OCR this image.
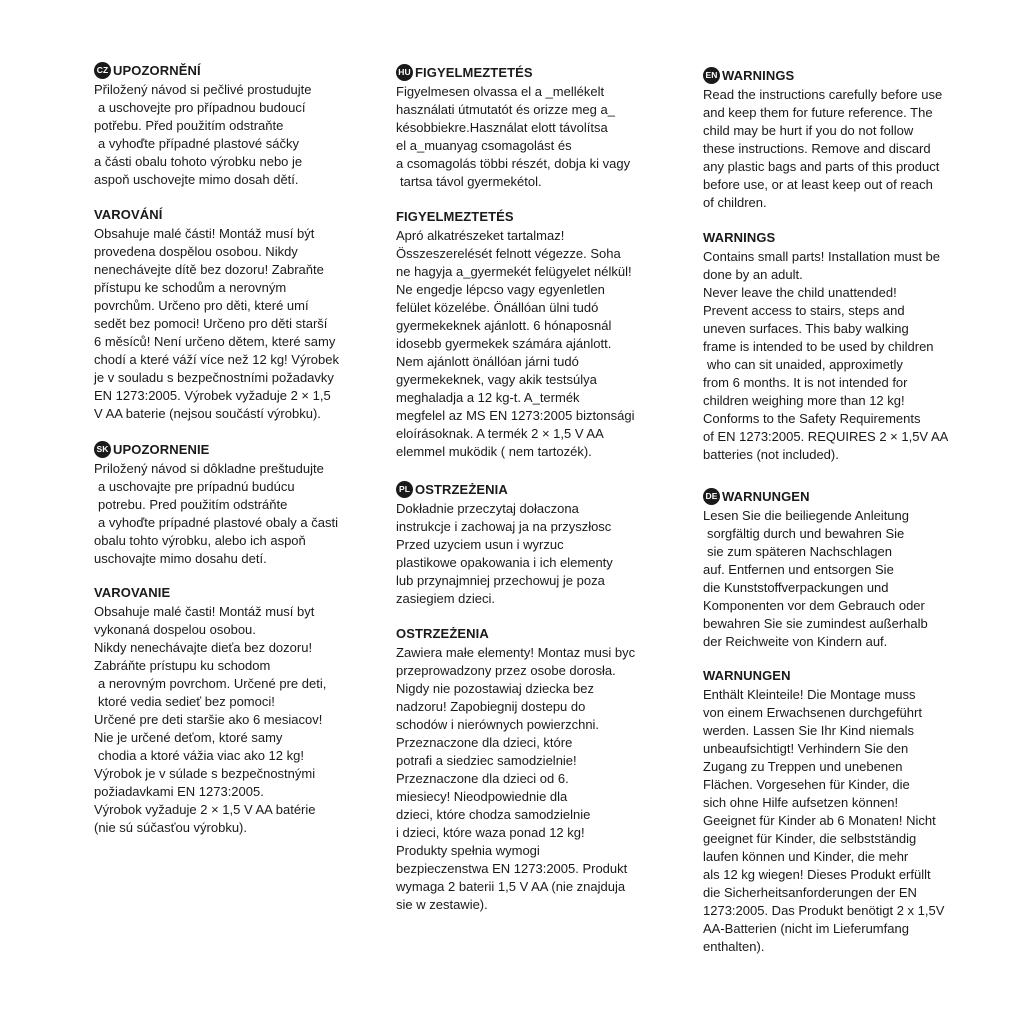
CZ UPOZORNĚNÍ
Přiložený návod si pečlivé prostudujte
a uschovejte pro případnou budoucí
potřebu. Před použitím odstraňte
a vyhoďte případné plastové sáčky
a části obalu tohoto výrobku nebo je
aspoň uschovejte mimo dosah dětí.
VAROVÁNÍ
Obsahuje malé části! Montáž musí být
provedena dospělou osobou. Nikdy
nenechávejte dítě bez dozoru! Zabraňte
přístupu ke schodům a nerovným
povrchům. Určeno pro děti, které umí
sedět bez pomoci! Určeno pro děti starší
6 měsíců! Není určeno dětem, které samy
chodí a které váží více než 12 kg! Výrobek
je v souladu s bezpečnostními požadavky
EN 1273:2005. Výrobek vyžaduje 2 × 1,5
V AA baterie (nejsou součástí výrobku).
SK UPOZORNENIE
Priložený návod si dôkladne preštudujte
a uschovajte pre prípadnú budúcu
potrebu. Pred použitím odstráňte
a vyhoďte prípadné plastové obaly a časti
obalu tohto výrobku, alebo ich aspoň
uschovajte mimo dosahu detí.
VAROVANIE
Obsahuje malé časti! Montáž musí byt
vykonaná dospelou osobou.
Nikdy nenechávajte dieťa bez dozoru!
Zabráňte prístupu ku schodom
a nerovným povrchom. Určené pre deti,
ktoré vedia sedieť bez pomoci!
Určené pre deti staršie ako 6 mesiacov!
Nie je určené deťom, ktoré samy
chodia a ktoré vážia viac ako 12 kg!
Výrobok je v súlade s bezpečnostnými
požiadavkami EN 1273:2005.
Výrobok vyžaduje 2 × 1,5 V AA batérie
(nie sú súčasťou výrobku).
HU FIGYELMEZTETÉS
Figyelmesen olvassa el a _mellékelt
használati útmutatót és orizze meg a_
késobbiekre.Használat elott távolítsa
el a_muanyag csomagolást és
a csomagolás többi részét, dobja ki vagy
tartsa távol gyermekétol.
FIGYELMEZTETÉS
Apró alkatrészeket tartalmaz!
Összeszerelését felnott végezze. Soha
ne hagyja a_gyermekét felügyelet nélkül!
Ne engedje lépcso vagy egyenletlen
felület közelébe. Önállóan ülni tudó
gyermekeknek ajánlott. 6 hónaposnál
idosebb gyermekek számára ajánlott.
Nem ajánlott önállóan járni tudó
gyermekeknek, vagy akik testsúlya
meghaladja a 12 kg-t. A_termék
megfelel az MS EN 1273:2005 biztonsági
eloírásoknak. A termék 2 × 1,5 V AA
elemmel muködik ( nem tartozék).
PL OSTRZEŻENIA
Dokładnie przeczytaj dołaczona
instrukcje i zachowaj ja na przyszłosc
Przed uzyciem usun i wyrzuc
plastikowe opakowania i ich elementy
lub przynajmniej przechowuj je poza
zasiegiem dzieci.
OSTRZEŻENIA
Zawiera małe elementy! Montaz musi byc
przeprowadzony przez osobe dorosła.
Nigdy nie pozostawiaj dziecka bez
nadzoru! Zapobiegnij dostepu do
schodów i nierównych powierzchni.
Przeznaczone dla dzieci, które
potrafi a siedziec samodzielnie!
Przeznaczone dla dzieci od 6.
miesiecy! Nieodpowiednie dla
dzieci, które chodza samodzielnie
i dzieci, które waza ponad 12 kg!
Produkty spełnia wymogi
bezpieczenstwa EN 1273:2005. Produkt
wymaga 2 baterii 1,5 V AA (nie znajduja
sie w zestawie).
EN WARNINGS
Read the instructions carefully before use
and keep them for future reference. The
child may be hurt if you do not follow
these instructions. Remove and discard
any plastic bags and parts of this product
before use, or at least keep out of reach
of children.
WARNINGS
Contains small parts! Installation must be
done by an adult.
Never leave the child unattended!
Prevent access to stairs, steps and
uneven surfaces. This baby walking
frame is intended to be used by children
who can sit unaided, approximetly
from 6 months. It is not intended for
children weighing more than 12 kg!
Conforms to the Safety Requirements
of EN 1273:2005. REQUIRES 2 × 1,5V AA
batteries (not included).
DE WARNUNGEN
Lesen Sie die beiliegende Anleitung
sorgfältig durch und bewahren Sie
sie zum späteren Nachschlagen
auf. Entfernen und entsorgen Sie
die Kunststoffverpackungen und
Komponenten vor dem Gebrauch oder
bewahren Sie sie zumindest außerhalb
der Reichweite von Kindern auf.
WARNUNGEN
Enthält Kleinteile! Die Montage muss
von einem Erwachsenen durchgeführt
werden. Lassen Sie Ihr Kind niemals
unbeaufsichtigt! Verhindern Sie den
Zugang zu Treppen und unebenen
Flächen. Vorgesehen für Kinder, die
sich ohne Hilfe aufsetzen können!
Geeignet für Kinder ab 6 Monaten! Nicht
geeignet für Kinder, die selbstständig
laufen können und Kinder, die mehr
als 12 kg wiegen! Dieses Produkt erfüllt
die Sicherheitsanforderungen der EN
1273:2005. Das Produkt benötigt 2 x 1,5V
AA-Batterien (nicht im Lieferumfang
enthalten).
